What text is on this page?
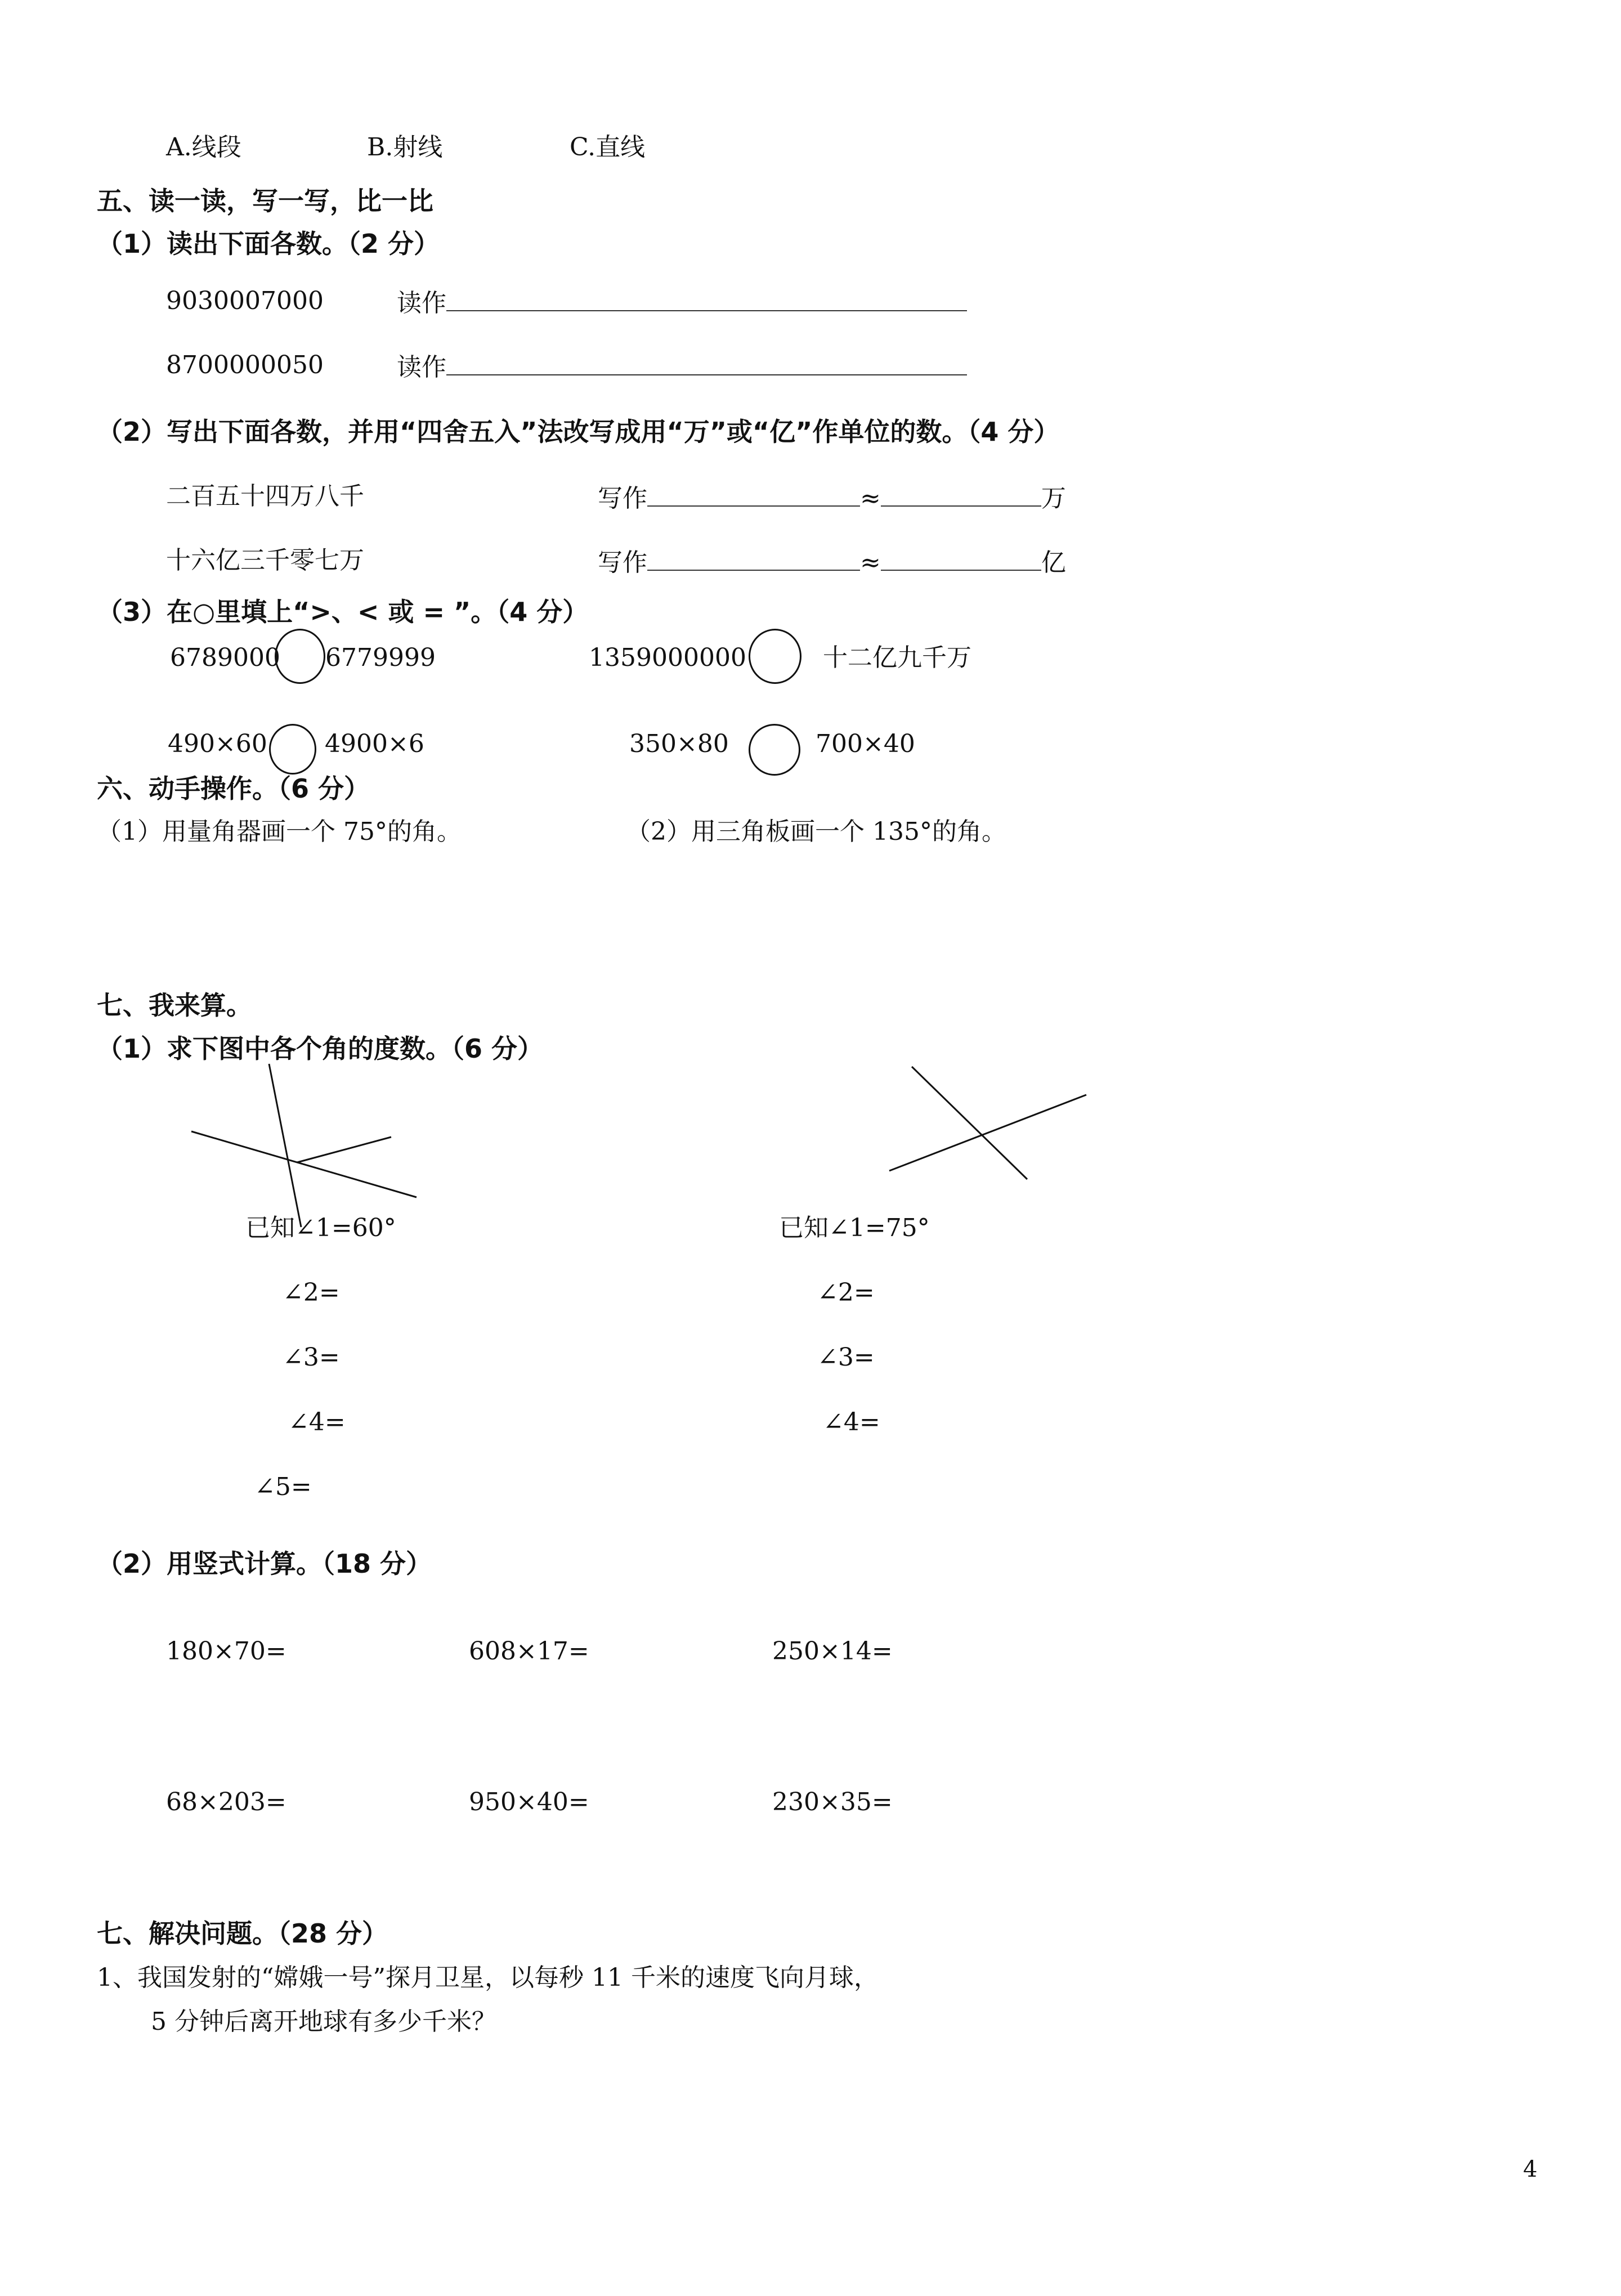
A.线段	B.射线	C.直线
五、读一读，写一写，比一比
（1）读出下面各数。（2 分）
9030007000	读作
8700000050	读作
（2）写出下面各数，并用“四舍五入”法改写成用“万”或“亿”作单位的数。（4 分）
二百五十四万八千	写作	≈	万
十六亿三千零七万	写作	≈	亿
（3）在○里填上“>、< 或 = ”。（4 分）
6789000 6779999	1359000000	十二亿九千万
490×60 4900×6	350×80	700×40
六、动手操作。（6 分）
（1）用量角器画一个 75°的角。	（2）用三角板画一个 135°的角。
七、我来算。
（1）求下图中各个角的度数。（6 分）
已知∠1=60°
∠2=
∠3=
∠4=
∠5=
已知∠1=75°
∠2=
∠3=
∠4=
（2）用竖式计算。（18 分）
180×70=	608×17=	250×14=
68×203=	950×40=	230×35=
七、解决问题。（28 分）
1、我国发射的“嫦娥一号”探月卫星，以每秒 11 千米的速度飞向月球，
5 分钟后离开地球有多少千米？
4
